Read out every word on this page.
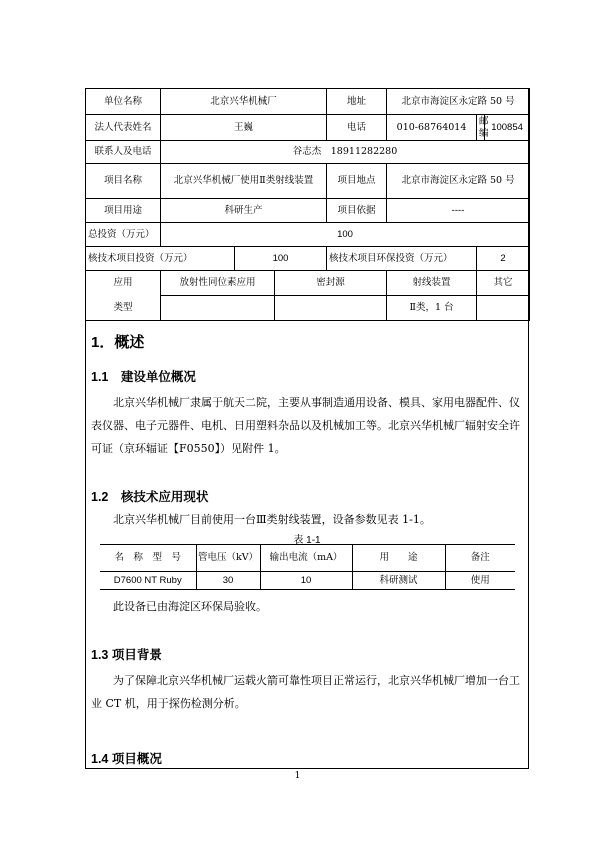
单位名称	北京兴华机械厂			地址	北京市海淀区永定路 50 号		
法人代表姓名	王巍			电话	010-68764014	邮编	100854
联系人及电话	谷志杰　18911282280						
项目名称	北京兴华机械厂使用Ⅱ类射线装置			项目地点	北京市海淀区永定路 50 号		
项目用途	科研生产			项目依据	----		
总投资（万元）	100						
核技术项目投资（万元）		100		核技术项目环保投资（万元）		2	
应用	放射性同位素应用		密封源		射线装置	其它	
类型					Ⅱ类，1 台		
1．概述
1.1　建设单位概况

北京兴华机械厂隶属于航天二院，主要从事制造通用设备、模具、家用电器配件、仪表仪器、电子元器件、电机、日用塑料杂品以及机械加工等。北京兴华机械厂辐射安全许可证（京环辐证【F0550】）见附件 1。

1.2　核技术应用现状

北京兴华机械厂目前使用一台Ⅲ类射线装置，设备参数见表 1-1。

表 1-1
名　称　型　号	管电压（kV）	输出电流（mA）	用　　途	备注
D7600 NT Ruby	30	10	科研测试	使用

此设备已由海淀区环保局验收。

1.3 项目背景

为了保障北京兴华机械厂运载火箭可靠性项目正常运行，北京兴华机械厂增加一台工业 CT 机，用于探伤检测分析。

1.4 项目概况
1
